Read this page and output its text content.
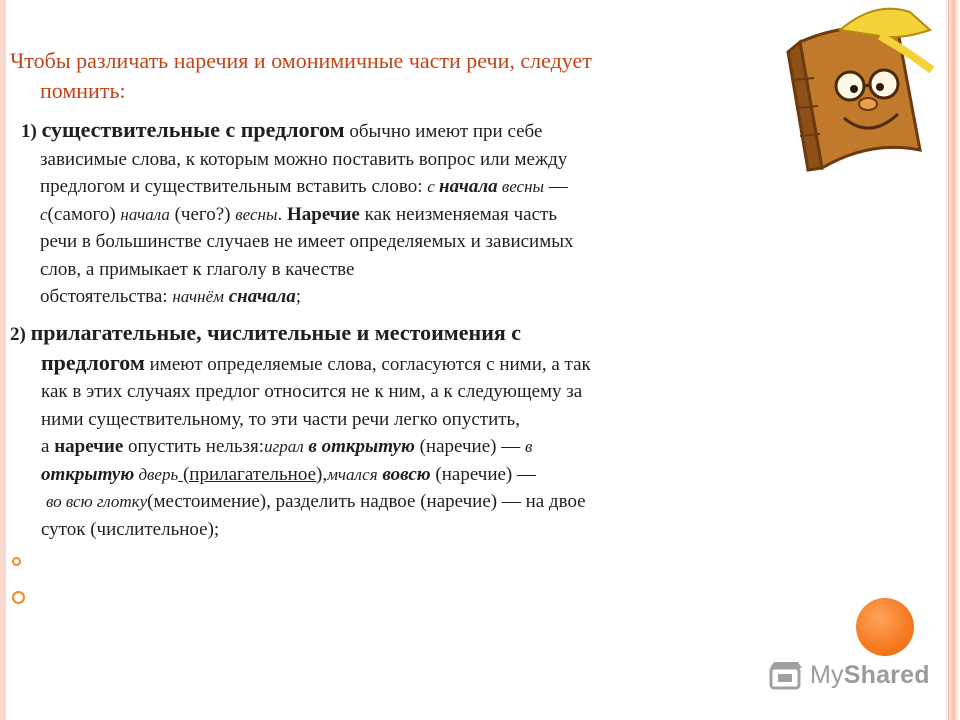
Чтобы различать наречия и омонимичные части речи, следует
помнить:
1) существительные с предлогом обычно имеют при себе
зависимые слова, к которым можно поставить вопрос или между
предлогом и существительным вставить слово: с начала весны —
с(самого) начала (чего?) весны. Наречие как неизменяемая часть
речи в большинстве случаев не имеет определяемых и зависимых
слов, а примыкает к глаголу в качестве
обстоятельства: начнём сначала;
2) прилагательные, числительные и местоимения с
предлогом имеют определяемые слова, согласуются с ними, а так
как в этих случаях предлог относится не к ним, а к следующему за
ними существительному, то эти части речи легко опустить,
а наречие опустить нельзя:играл в открытую (наречие) — в
открытую дверь (прилагательное),мчался вовсю (наречие) —
во всю глотку(местоимение), разделить надвое (наречие) — на двое
суток (числительное);
MyShared
